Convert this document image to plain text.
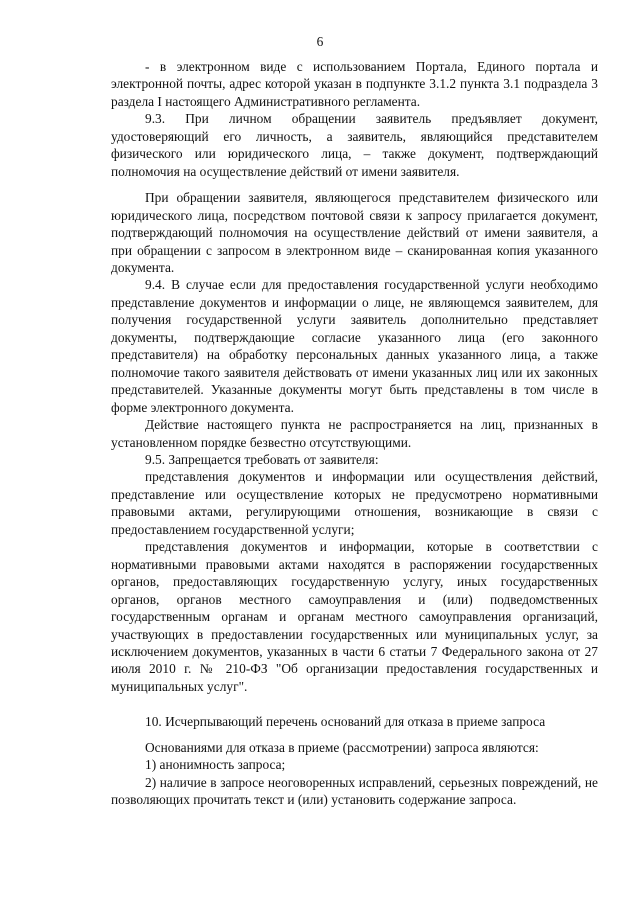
6

- в электронном виде с использованием Портала, Единого портала и электронной почты, адрес которой указан в подпункте 3.1.2 пункта 3.1 подраздела 3 раздела I настоящего Административного регламента.

9.3. При личном обращении заявитель предъявляет документ, удостоверяющий его личность, а заявитель, являющийся представителем физического или юридического лица, – также документ, подтверждающий полномочия на осуществление действий от имени заявителя.

При обращении заявителя, являющегося представителем физического или юридического лица, посредством почтовой связи к запросу прилагается документ, подтверждающий полномочия на осуществление действий от имени заявителя, а при обращении с запросом в электронном виде – сканированная копия указанного документа.

9.4. В случае если для предоставления государственной услуги необходимо представление документов и информации о лице, не являющемся заявителем, для получения государственной услуги заявитель дополнительно представляет документы, подтверждающие согласие указанного лица (его законного представителя) на обработку персональных данных указанного лица, а также полномочие такого заявителя действовать от имени указанных лиц или их законных представителей. Указанные документы могут быть представлены в том числе в форме электронного документа.

Действие настоящего пункта не распространяется на лиц, признанных в установленном порядке безвестно отсутствующими.

9.5. Запрещается требовать от заявителя:

представления документов и информации или осуществления действий, представление или осуществление которых не предусмотрено нормативными правовыми актами, регулирующими отношения, возникающие в связи с предоставлением государственной услуги;

представления документов и информации, которые в соответствии с нормативными правовыми актами находятся в распоряжении государственных органов, предоставляющих государственную услугу, иных государственных органов, органов местного самоуправления и (или) подведомственных государственным органам и органам местного самоуправления организаций, участвующих в предоставлении государственных или муниципальных услуг, за исключением документов, указанных в части 6 статьи 7 Федерального закона от 27 июля 2010 г. № 210-ФЗ "Об организации предоставления государственных и муниципальных услуг".

10. Исчерпывающий перечень оснований для отказа в приеме запроса

Основаниями для отказа в приеме (рассмотрении) запроса являются:

1) анонимность запроса;

2) наличие в запросе неоговоренных исправлений, серьезных повреждений, не позволяющих прочитать текст и (или) установить содержание запроса.
